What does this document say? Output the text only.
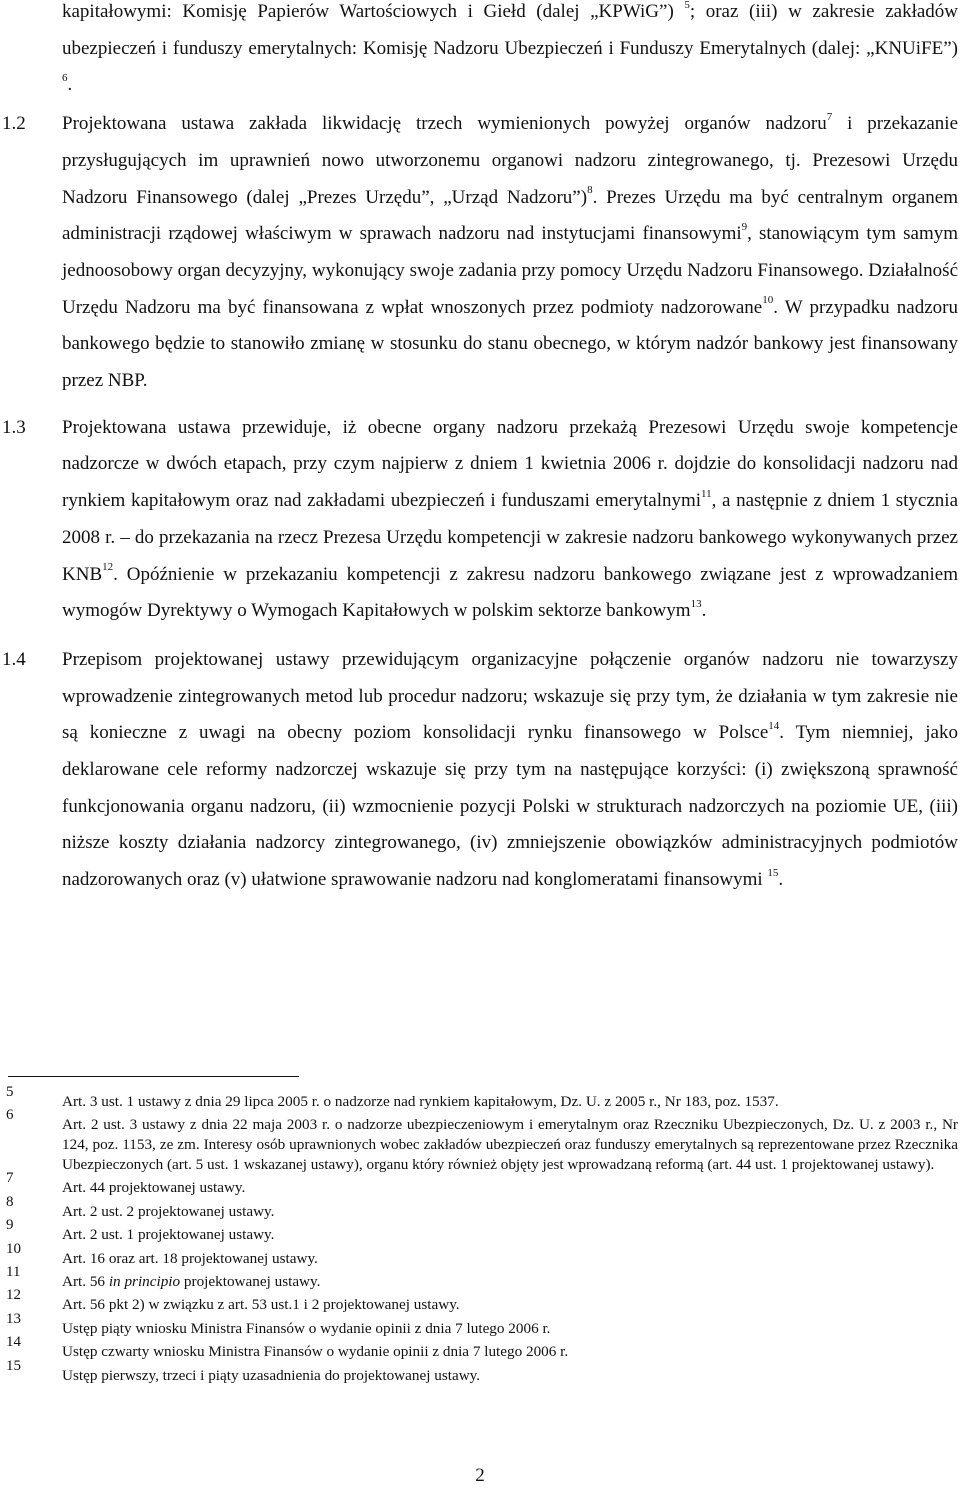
kapitałowymi: Komisję Papierów Wartościowych i Giełd (dalej „KPWiG”) $^5$; oraz (iii) w zakresie zakładów ubezpieczeń i funduszy emerytalnych: Komisję Nadzoru Ubezpieczeń i Funduszy Emerytalnych (dalej: „KNUiFE”) $^6$.

1.2 Projektowana ustawa zakłada likwidację trzech wymienionych powyżej organów nadzoru$^7$ i przekazanie przysługujących im uprawnień nowo utworzonemu organowi nadzoru zintegrowanego, tj. Prezesowi Urzędu Nadzoru Finansowego (dalej „Prezes Urzędu”, „Urząd Nadzoru”)$^8$. Prezes Urzędu ma być centralnym organem administracji rządowej właściwym w sprawach nadzoru nad instytucjami finansowymi$^9$, stanowiącym tym samym jednoosobowy organ decyzyjny, wykonujący swoje zadania przy pomocy Urzędu Nadzoru Finansowego. Działalność Urzędu Nadzoru ma być finansowana z wpłat wnoszonych przez podmioty nadzorowane$^{10}$. W przypadku nadzoru bankowego będzie to stanowiło zmianę w stosunku do stanu obecnego, w którym nadzór bankowy jest finansowany przez NBP.

1.3 Projektowana ustawa przewiduje, iż obecne organy nadzoru przekażą Prezesowi Urzędu swoje kompetencje nadzorcze w dwóch etapach, przy czym najpierw z dniem 1 kwietnia 2006 r. dojdzie do konsolidacji nadzoru nad rynkiem kapitałowym oraz nad zakładami ubezpieczeń i funduszami emerytalnymi$^{11}$, a następnie z dniem 1 stycznia 2008 r. – do przekazania na rzecz Prezesa Urzędu kompetencji w zakresie nadzoru bankowego wykonywanych przez KNB$^{12}$. Opóźnienie w przekazaniu kompetencji z zakresu nadzoru bankowego związane jest z wprowadzaniem wymogów Dyrektywy o Wymogach Kapitałowych w polskim sektorze bankowym$^{13}$.

1.4 Przepisom projektowanej ustawy przewidującym organizacyjne połączenie organów nadzoru nie towarzyszy wprowadzenie zintegrowanych metod lub procedur nadzoru; wskazuje się przy tym, że działania w tym zakresie nie są konieczne z uwagi na obecny poziom konsolidacji rynku finansowego w Polsce$^{14}$. Tym niemniej, jako deklarowane cele reformy nadzorczej wskazuje się przy tym na następujące korzyści: (i) zwiększoną sprawność funkcjonowania organu nadzoru, (ii) wzmocnienie pozycji Polski w strukturach nadzorczych na poziomie UE, (iii) niższe koszty działania nadzorcy zintegrowanego, (iv) zmniejszenie obowiązków administracyjnych podmiotów nadzorowanych oraz (v) ułatwione sprawowanie nadzoru nad konglomeratami finansowymi $^{15}$.

5
Art. 3 ust. 1 ustawy z dnia 29 lipca 2005 r. o nadzorze nad rynkiem kapitałowym, Dz. U. z 2005 r., Nr 183, poz. 1537.

6
Art. 2 ust. 3 ustawy z dnia 22 maja 2003 r. o nadzorze ubezpieczeniowym i emerytalnym oraz Rzeczniku Ubezpieczonych, Dz. U. z 2003 r., Nr 124, poz. 1153, ze zm. Interesy osób uprawnionych wobec zakładów ubezpieczeń oraz funduszy emerytalnych są reprezentowane przez Rzecznika Ubezpieczonych (art. 5 ust. 1 wskazanej ustawy), organu który również objęty jest wprowadzaną reformą (art. 44 ust. 1 projektowanej ustawy).

7
Art. 44 projektowanej ustawy.

8
Art. 2 ust. 2 projektowanej ustawy.

9
Art. 2 ust. 1 projektowanej ustawy.

10
Art. 16 oraz art. 18 projektowanej ustawy.

11
Art. 56 in principio projektowanej ustawy.

12
Art. 56 pkt 2) w związku z art. 53 ust.1 i 2 projektowanej ustawy.

13
Ustęp piąty wniosku Ministra Finansów o wydanie opinii z dnia 7 lutego 2006 r.

14
Ustęp czwarty wniosku Ministra Finansów o wydanie opinii z dnia 7 lutego 2006 r.

15
Ustęp pierwszy, trzeci i piąty uzasadnienia do projektowanej ustawy.

2
